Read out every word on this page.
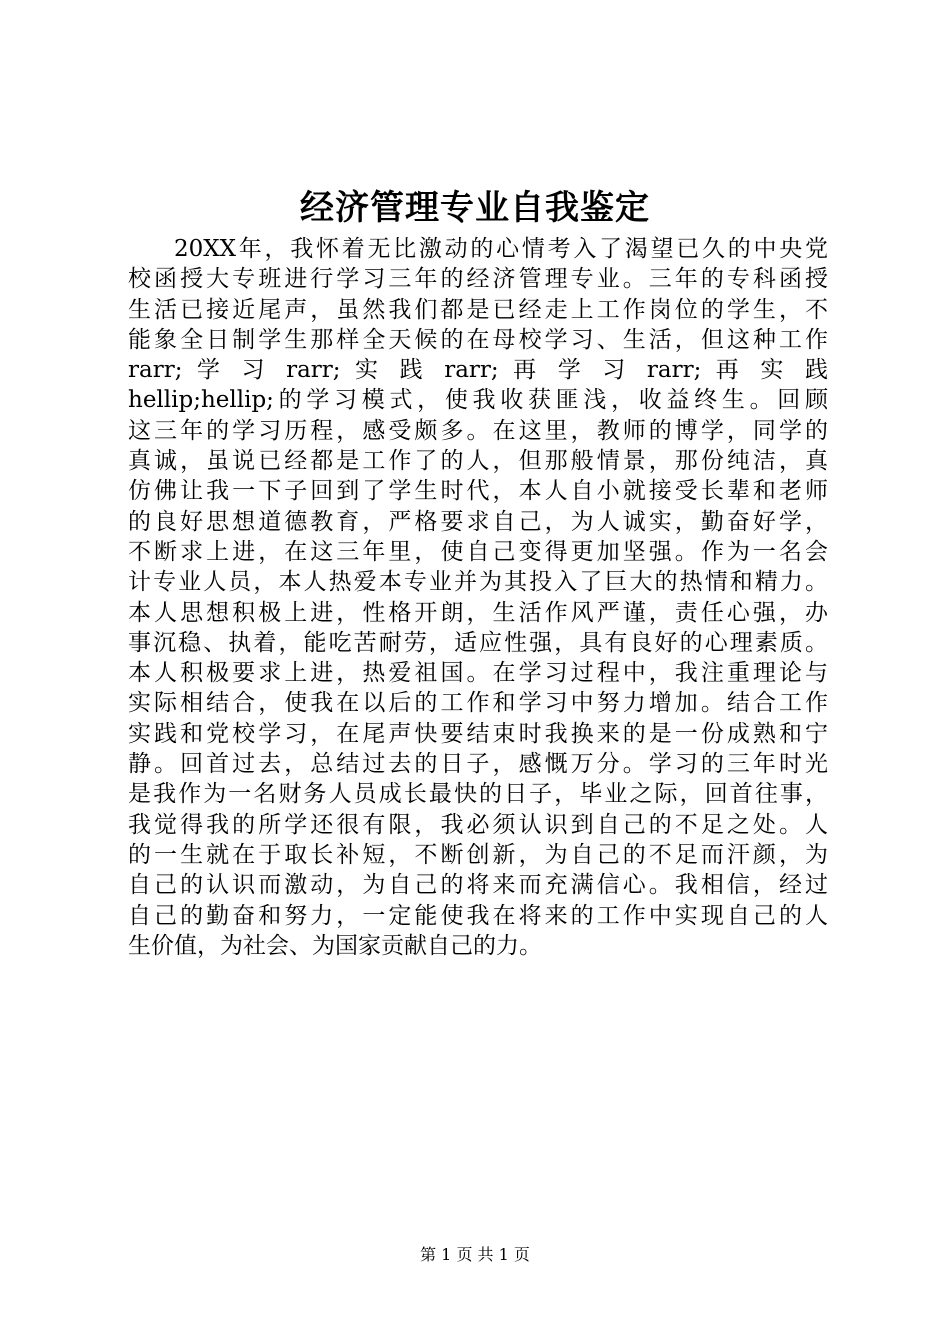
经济管理专业自我鉴定
20XX年，我怀着无比激动的心情考入了渴望已久的中央党
校函授大专班进行学习三年的经济管理专业。三年的专科函授
生活已接近尾声，虽然我们都是已经走上工作岗位的学生，不
能象全日制学生那样全天候的在母校学习、生活，但这种工作
rarr; 学 习 rarr; 实 践 rarr; 再 学 习 rarr; 再 实 践
hellip;hellip;的学习模式，使我收获匪浅，收益终生。回顾
这三年的学习历程，感受颇多。在这里，教师的博学，同学的
真诚，虽说已经都是工作了的人，但那般情景，那份纯洁，真
仿佛让我一下子回到了学生时代，本人自小就接受长辈和老师
的良好思想道德教育，严格要求自己，为人诚实，勤奋好学，
不断求上进，在这三年里，使自己变得更加坚强。作为一名会
计专业人员，本人热爱本专业并为其投入了巨大的热情和精力。
本人思想积极上进，性格开朗，生活作风严谨，责任心强，办
事沉稳、执着，能吃苦耐劳，适应性强，具有良好的心理素质。
本人积极要求上进，热爱祖国。在学习过程中，我注重理论与
实际相结合，使我在以后的工作和学习中努力增加。结合工作
实践和党校学习，在尾声快要结束时我换来的是一份成熟和宁
静。回首过去，总结过去的日子，感慨万分。学习的三年时光
是我作为一名财务人员成长最快的日子，毕业之际，回首往事，
我觉得我的所学还很有限，我必须认识到自己的不足之处。人
的一生就在于取长补短，不断创新，为自己的不足而汗颜，为
自己的认识而激动，为自己的将来而充满信心。我相信，经过
自己的勤奋和努力，一定能使我在将来的工作中实现自己的人
生价值，为社会、为国家贡献自己的力。
第 1 页 共 1 页
